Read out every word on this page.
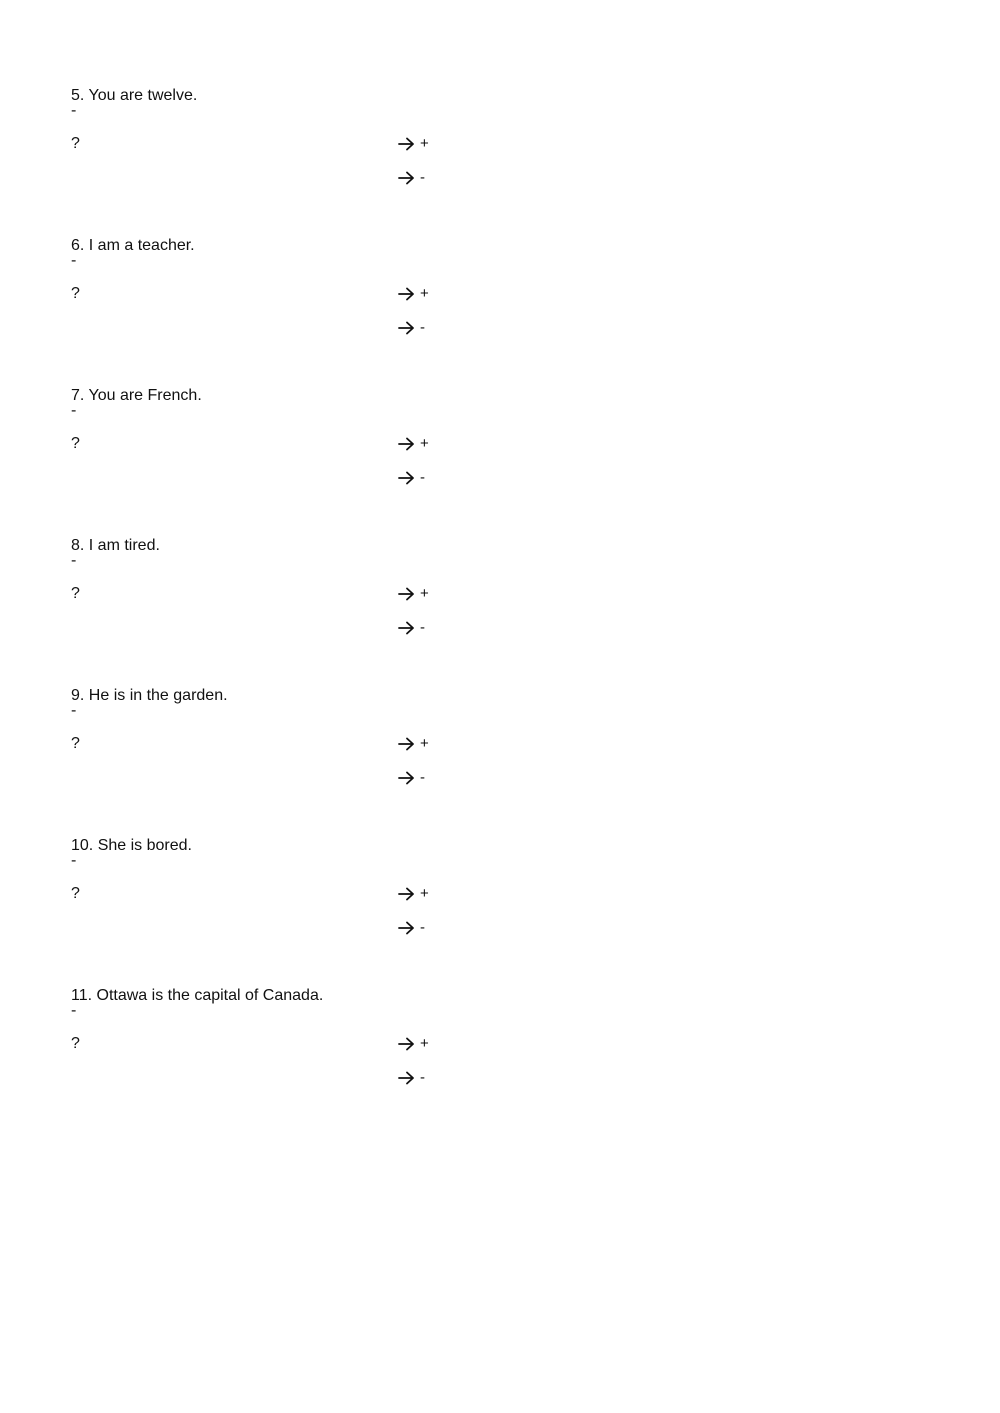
5. You are twelve.
-
?	+
-
6. I am a teacher.
-
?	+
-
7. You are French.
-
?	+
-
8. I am tired.
-
?	+
-
9. He is in the garden.
-
?	+
-
10. She is bored.
-
?	+
-
11. Ottawa is the capital of Canada.
-
?	+
-
